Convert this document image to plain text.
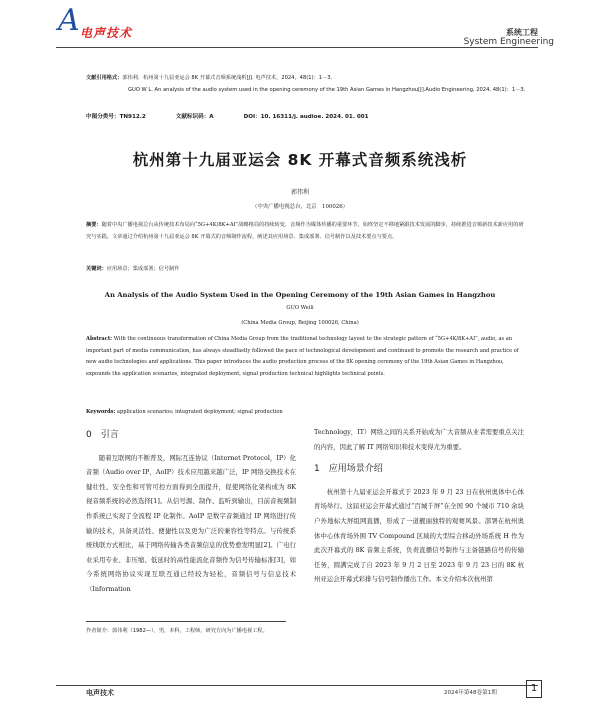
A 电声技术	系统工程
System Engineering
文献引用格式：郭伟利．杭州第十九届亚运会 8K 开幕式音频系统浅析[J]. 电声技术，2024，48(1)：1－3.
GUO W L. An analysis of the audio system used in the opening ceremony of the 19th Asian Games in Hangzhou[J].Audio Engineering, 2024, 48(1)：1－3.
中图分类号：TN912.2	文献标识码：A	DOI：10. 16311/j. audioe. 2024. 01. 001
杭州第十九届亚运会 8K 开幕式音频系统浅析
郭伟利
（中央广播电视总台，北京　100026）
摘要：随着中央广播电视总台从传统技术布局向“5G+4K/8K+AI”战略格局的持续转变，音频作为媒体传播的重要环节，始终坚定不移地紧跟技术发展的脚步，持续推进音频新技术新应用的研究与实践。文章通过介绍杭州第十九届亚运会 8K 开幕式的音频制作流程，阐述其应用场景、集成部署、信号制作以及技术要点与要点。
关键词：应用场景；集成部署；信号制作
An Analysis of the Audio System Used in the Opening Ceremony of the 19th Asian Games in Hangzhou
GUO Weili
(China Media Group, Beijing 100026, China)
Abstract: With the continuous transformation of China Media Group from the traditional technology layout to the strategic pattern of “5G+4K/8K+AI”, audio, as an important part of media communication, has always steadfastly followed the pace of technological development and continued to promote the research and practice of new audio technologies and applications. This paper introduces the audio production process of the 8K opening ceremony of the 19th Asian Games in Hangzhou, expounds the application scenarios, integrated deployment, signal production technical highlights technical points.
Keywords: application scenarios; integrated deployment; signal production
0　引言

随着互联网的不断普及，网际互连协议（Internet Protocol，IP）化音频（Audio over IP，AoIP）技术应用越来越广泛，IP 网络交换技术在健壮性、安全性和可管可控方面得到全面提升，促使网络化架构成为 8K 视音频系统的必然选择[1]。从信号源、制作、监听到输出，目前音视频制作系统已实现了全流程 IP 化制作。AoIP 是数字音频通过 IP 网络进行传输的技术，具备灵活性、便捷性以及更为广泛的兼容性等特点。与传统系统线联方式相比，基于网络传输各类音频信息的优势愈发明显[2]。广电行业采用专业、非压缩、低延时的高性能流化音频作为信号传输标准[3]，如今系统网络协议实现互联互通已经较为轻松，音频信号与信息技术（Information

Technology，IT）网络之间的关系开始成为广大音频从业者需要重点关注的内容，因此了解 IT 网络知识和技术变得尤为重要。

1　应用场景介绍

杭州第十九届亚运会开幕式于 2023 年 9 月 23 日在杭州奥体中心体育场举行。这届亚运会开幕式通过“百城千屏”在全国 90 个城市 710 余块户外地标大屏组网直播，形成了一道靓丽独特的观赛风景。部署在杭州奥体中心体育场外围 TV Compound 区域的大型综合移动外场系统 H 作为此次开幕式的 8K 音频主系统，负责直播信号制作与主备链路信号的传输任务，圆满完成了自 2023 年 9 月 2 日至 2023 年 9 月 23 日的 8K 杭州亚运会开幕式彩排与信号制作播出工作。本文介绍本次杭州第

作者简介：郭伟利（1982—），男，本科，工程师，研究方向为广播电视工程。
电声技术	2024年第48卷第1期	1
